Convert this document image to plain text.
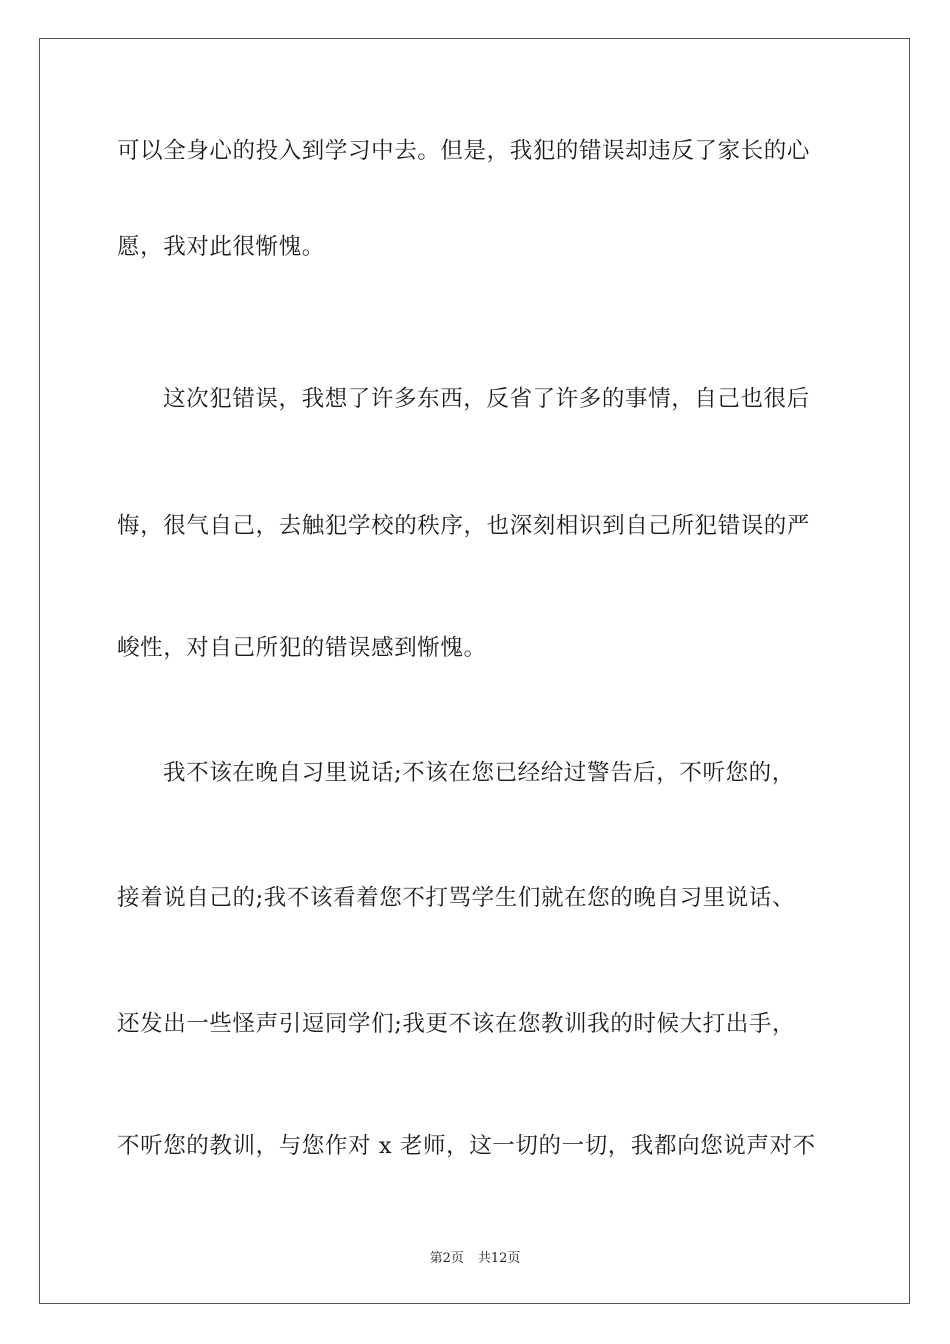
可以全身心的投入到学习中去。但是，我犯的错误却违反了家长的心
愿，我对此很惭愧。
这次犯错误，我想了许多东西，反省了许多的事情，自己也很后
悔，很气自己，去触犯学校的秩序，也深刻相识到自己所犯错误的严
峻性，对自己所犯的错误感到惭愧。
我不该在晚自习里说话;不该在您已经给过警告后，不听您的，
接着说自己的;我不该看着您不打骂学生们就在您的晚自习里说话、
还发出一些怪声引逗同学们;我更不该在您教训我的时候大打出手，
不听您的教训，与您作对 x 老师，这一切的一切，我都向您说声对不
第2页 共12页
